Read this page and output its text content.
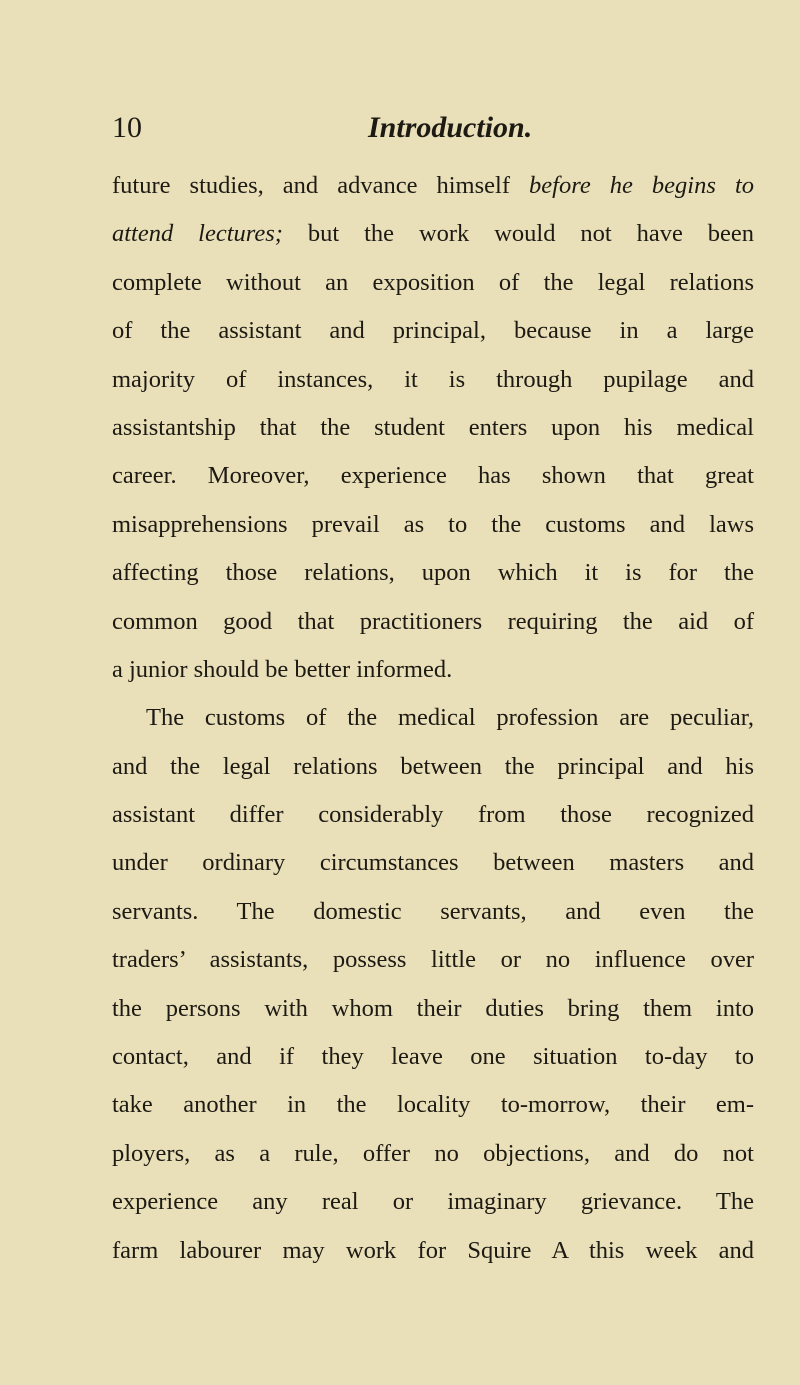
10	Introduction.
future studies, and advance himself before he begins to
attend lectures; but the work would not have been
complete without an exposition of the legal relations
of the assistant and principal, because in a large
majority of instances, it is through pupilage and
assistantship that the student enters upon his medical
career. Moreover, experience has shown that great
misapprehensions prevail as to the customs and laws
affecting those relations, upon which it is for the
common good that practitioners requiring the aid of
a junior should be better informed.
The customs of the medical profession are peculiar,
and the legal relations between the principal and his
assistant differ considerably from those recognized
under ordinary circumstances between masters and
servants. The domestic servants, and even the
traders’ assistants, possess little or no influence over
the persons with whom their duties bring them into
contact, and if they leave one situation to-day to
take another in the locality to-morrow, their em-
ployers, as a rule, offer no objections, and do not
experience any real or imaginary grievance. The
farm labourer may work for Squire A this week and
